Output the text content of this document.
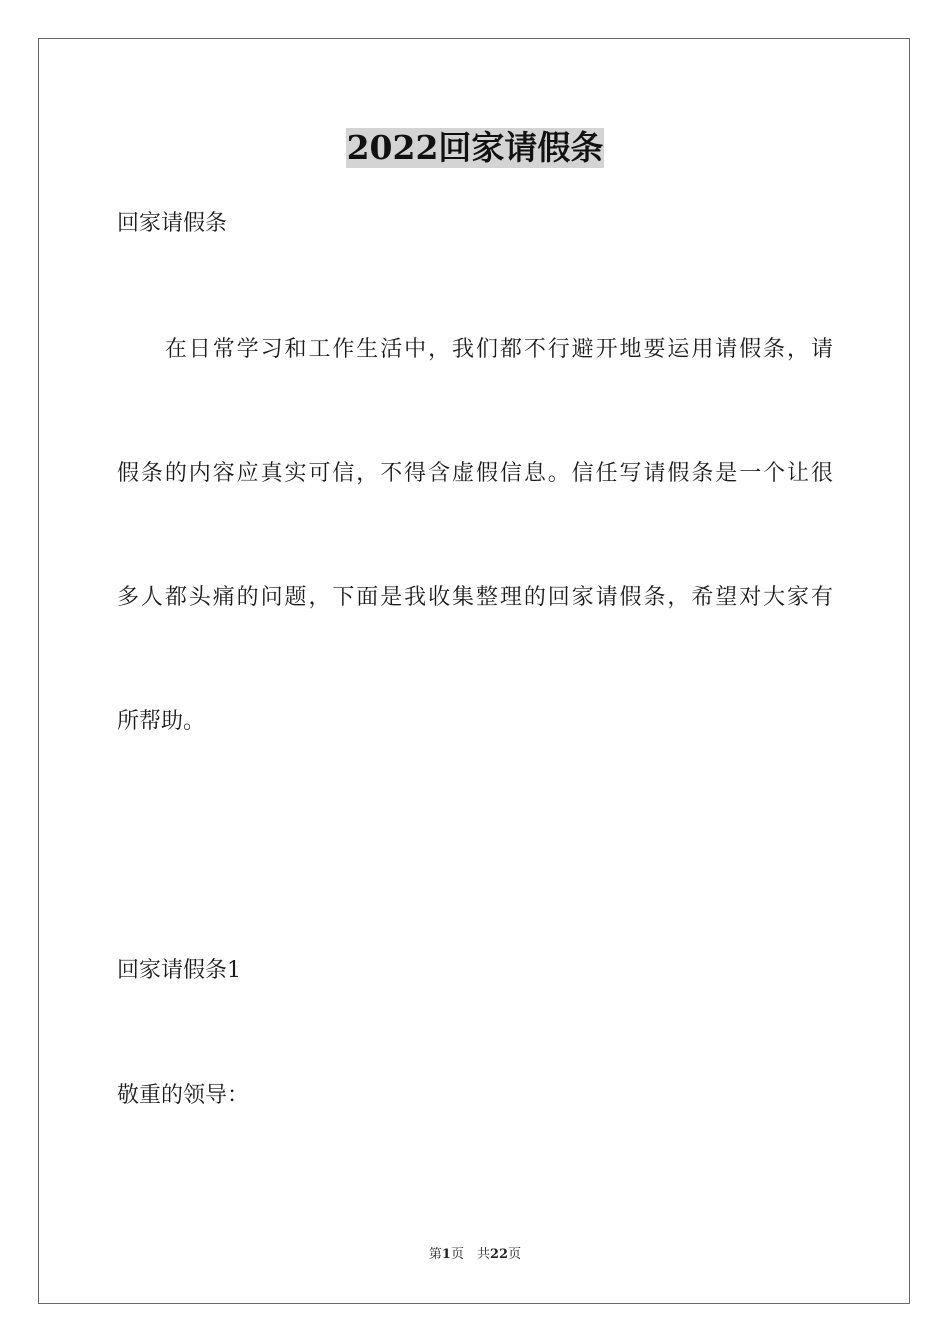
2022回家请假条
回家请假条
　　在日常学习和工作生活中，我们都不行避开地要运用请假条，请
假条的内容应真实可信，不得含虚假信息。信任写请假条是一个让很
多人都头痛的问题，下面是我收集整理的回家请假条，希望对大家有
所帮助。
回家请假条1
敬重的领导：
第1页　共22页
